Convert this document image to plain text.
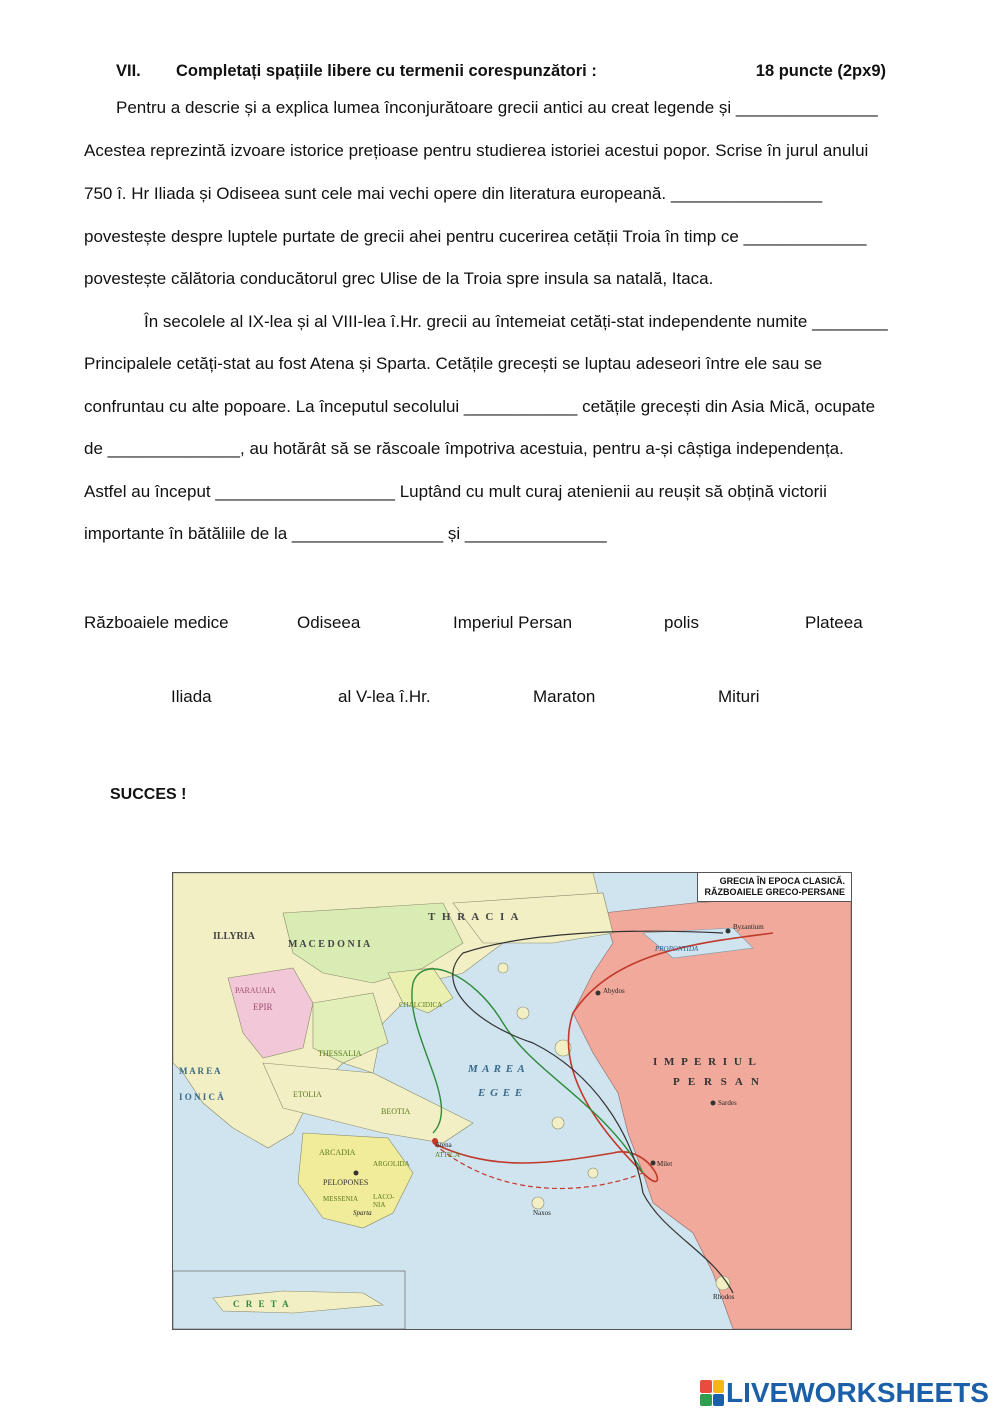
VII. Completați spațiile libere cu termenii corespunzători :	18 puncte (2px9)
Pentru a descrie și a explica lumea înconjurătoare grecii antici au creat legende și _______________
Acestea reprezintă izvoare istorice prețioase pentru studierea istoriei acestui popor. Scrise în jurul anului
750 î. Hr Iliada și Odiseea sunt cele mai vechi opere din literatura europeană. ________________
povestește despre luptele purtate de grecii ahei pentru cucerirea cetății Troia în timp ce _____________
povestește călătoria conducătorul grec Ulise de la Troia spre insula sa natală, Itaca.
În secolele al IX-lea și al VIII-lea î.Hr. grecii au întemeiat cetăți-stat independente numite ________
Principalele cetăți-stat au fost Atena și Sparta. Cetățile grecești se luptau adeseori între ele sau se
confruntau cu alte popoare. La începutul secolului ____________ cetățile grecești din Asia Mică, ocupate
de ______________, au hotărât să se răscoale împotriva acestuia, pentru a-și câștiga independența.
Astfel au început ___________________ Luptând cu mult curaj atenienii au reușit să obțină victorii
importante în bătăliile de la ________________ și _______________
Războaiele medice	Odiseea	Imperiul Persan	polis	Plateea
Iliada	al V-lea î.Hr.	Maraton	Mituri
SUCCES !
GRECIA ÎN EPOCA CLASICĂ.
RĂZBOAIELE GRECO-PERSANE
T H R A C I A
ILLYRIA
M A C E D O N I A
CHALCIDICA
PARAUAIA
EPIR
THESSALIA
M A R E A
I O N I C Ă	ETOLIA
BEOTIA
ATTICA
Atena
ARCADIA
ARGOLIDA
PELOPONES
MESSENIA LACO- NIA
Sparta
M A R E A
E G E E
I M P E R I U L
P E R S A N
PROPONTIDA
Byzantium
Abydos
Sardes
Milet
Naxos
Rhodos
C R E T A
LIVEWORKSHEETS
